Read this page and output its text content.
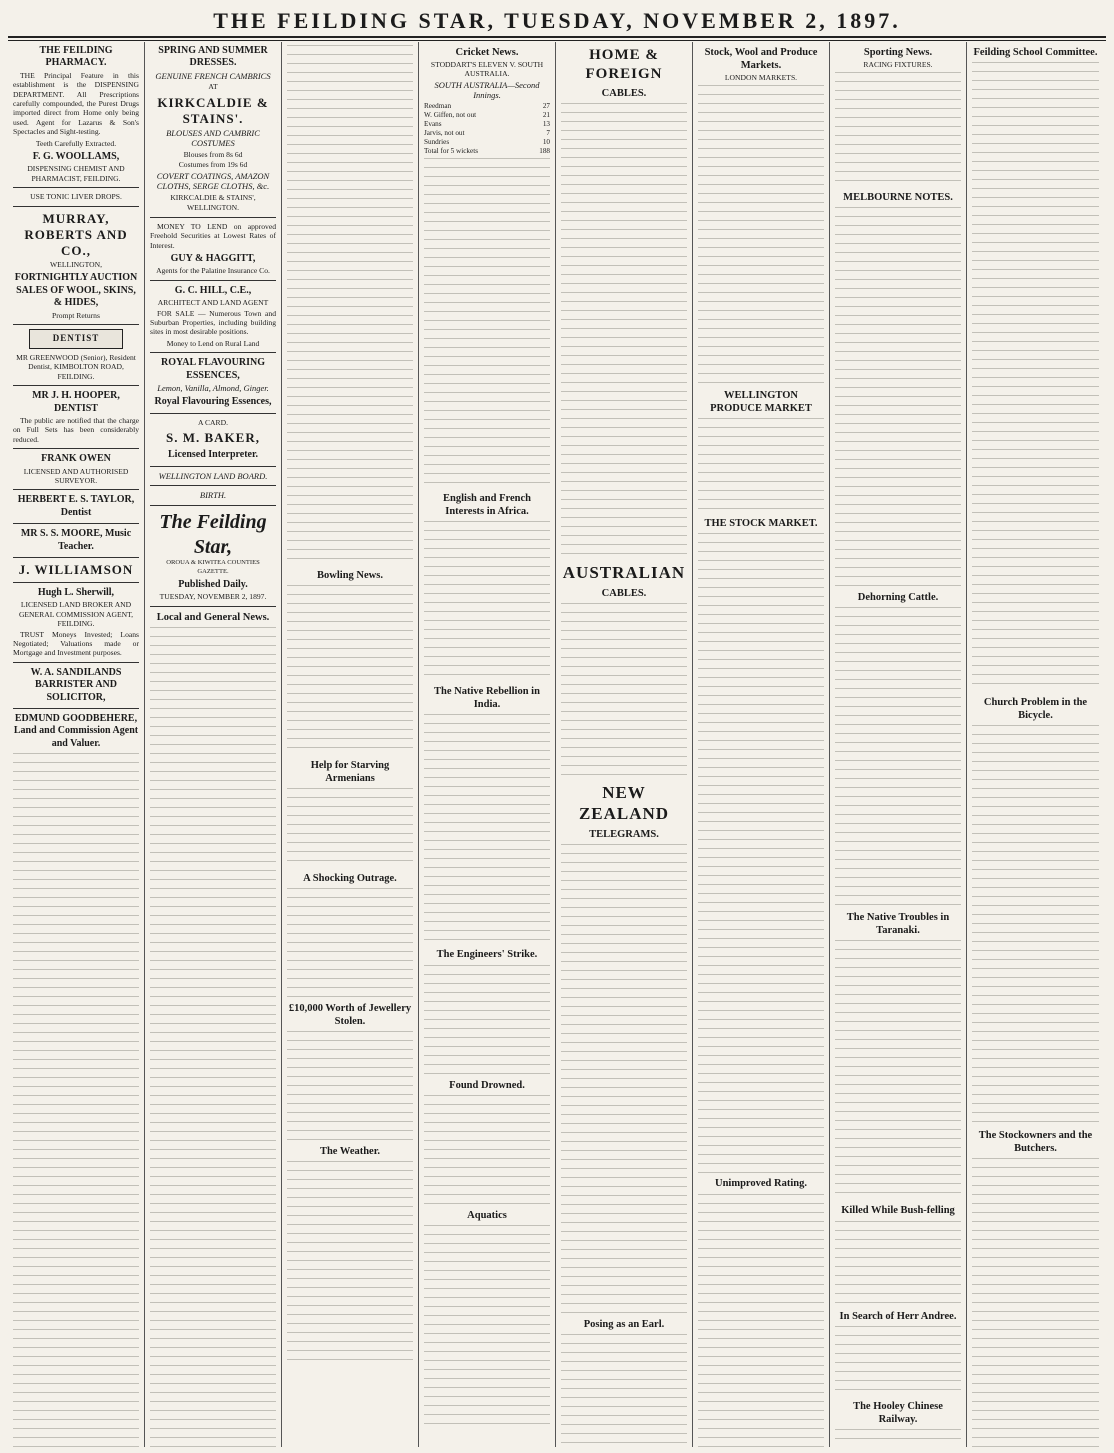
THE FEILDING STAR, TUESDAY, NOVEMBER 2, 1897.
THE FEILDING PHARMACY.

THE Principal Feature in this establishment is the DISPENSING DEPARTMENT. All Prescriptions carefully compounded, the Purest Drugs imported direct from Home only being used. Agent for Lazarus & Son's Spectacles and Sight-testing.

Teeth Carefully Extracted.
F. G. WOOLLAMS,
DISPENSING CHEMIST AND PHARMACIST, FEILDING.
USE TONIC LIVER DROPS.
MURRAY, ROBERTS AND CO.,
WELLINGTON,
FORTNIGHTLY AUCTION SALES OF WOOL, SKINS, & HIDES,
Prompt Returns
DENTIST
MR GREENWOOD (Senior), Resident Dentist, KIMBOLTON ROAD, FEILDING.
MR J. H. HOOPER, DENTIST

The public are notified that the charge on Full Sets has been considerably reduced.

FRANK OWEN
LICENSED AND AUTHORISED SURVEYOR.
HERBERT E. S. TAYLOR, Dentist
MR S. S. MOORE, Music Teacher.
J. WILLIAMSON
Hugh L. Sherwill,
LICENSED LAND BROKER AND GENERAL COMMISSION AGENT, FEILDING.

TRUST Moneys Invested; Loans Negotiated; Valuations made or Mortgage and Investment purposes.

W. A. SANDILANDS BARRISTER AND SOLICITOR,
EDMUND GOODBEHERE, Land and Commission Agent and Valuer.
SPRING AND SUMMER DRESSES.
GENUINE FRENCH CAMBRICS
AT
KIRKCALDIE & STAINS'.
BLOUSES AND CAMBRIC COSTUMES
Blouses from 8s 6d
Costumes from 19s 6d
COVERT COATINGS, AMAZON CLOTHS, SERGE CLOTHS, &c.
KIRKCALDIE & STAINS',
WELLINGTON.

MONEY TO LEND on approved Freehold Securities at Lowest Rates of Interest.

GUY & HAGGITT,
Agents for the Palatine Insurance Co.
G. C. HILL, C.E.,
ARCHITECT AND LAND AGENT

FOR SALE — Numerous Town and Suburban Properties, including building sites in most desirable positions.

Money to Lend on Rural Land
ROYAL FLAVOURING ESSENCES,
Lemon, Vanilla, Almond, Ginger.
Royal Flavouring Essences,
A CARD.
S. M. BAKER,
Licensed Interpreter.
WELLINGTON LAND BOARD.
BIRTH.
The Feilding Star,
OROUA & KIWITEA COUNTIES GAZETTE.
Published Daily.
TUESDAY, NOVEMBER 2, 1897.
Local and General News.
Bowling News.
Help for Starving Armenians
A Shocking Outrage.
£10,000 Worth of Jewellery Stolen.
The Weather.
Cricket News.
STODDART'S ELEVEN V. SOUTH AUSTRALIA.
SOUTH AUSTRALIA—Second Innings.
Reedman	27
W. Giffen, not out	21
Evans	13
Jarvis, not out	7
Sundries	10
Total for 5 wickets	188
English and French Interests in Africa.
The Native Rebellion in India.
The Engineers' Strike.
Found Drowned.
Aquatics
HOME & FOREIGN
CABLES.
AUSTRALIAN
CABLES.
NEW ZEALAND
TELEGRAMS.
Posing as an Earl.
Stock, Wool and Produce Markets.
LONDON MARKETS.
WELLINGTON PRODUCE MARKET
THE STOCK MARKET.
Unimproved Rating.
Sporting News.
RACING FIXTURES.
MELBOURNE NOTES.
Dehorning Cattle.
The Native Troubles in Taranaki.
Killed While Bush-felling
In Search of Herr Andree.
The Hooley Chinese Railway.
Feilding School Committee.
Church Problem in the Bicycle.
The Stockowners and the Butchers.
